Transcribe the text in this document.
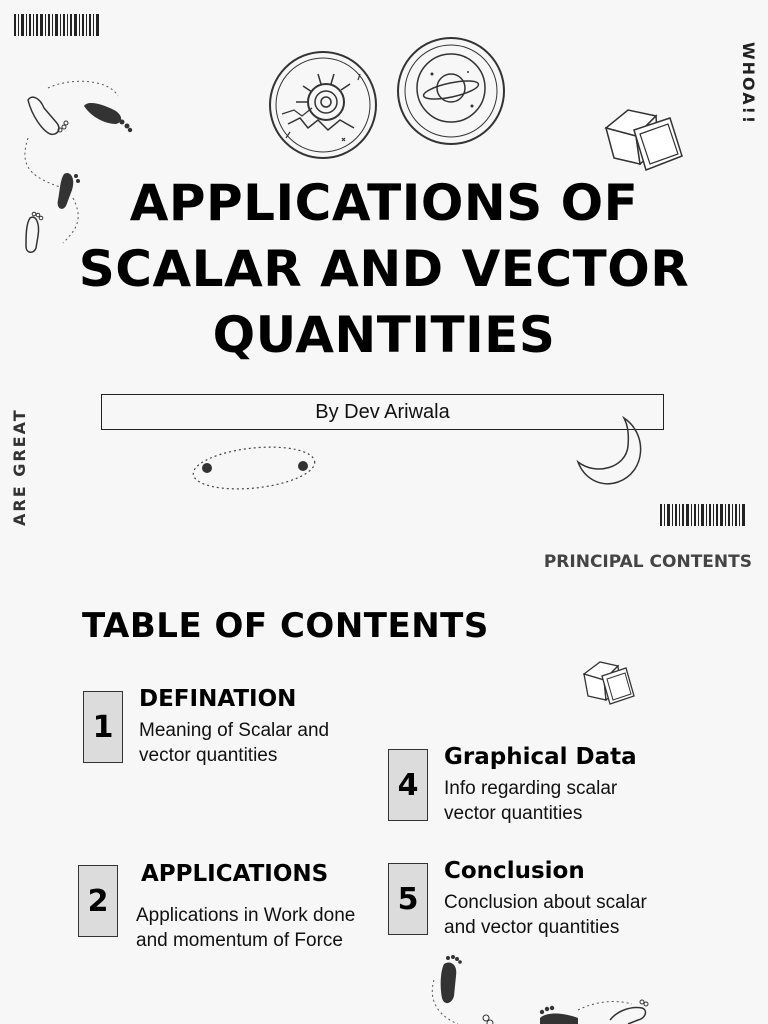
WHOA!!
ARE GREAT
APPLICATIONS OF
SCALAR AND VECTOR
QUANTITIES
By Dev Ariwala
PRINCIPAL CONTENTS
TABLE OF CONTENTS
1
DEFINATION
Meaning of Scalar and vector quantities
4
Graphical Data
Info regarding scalar vector quantities
2
APPLICATIONS
Applications in Work done and momentum of Force
5
Conclusion
Conclusion about scalar and vector quantities
